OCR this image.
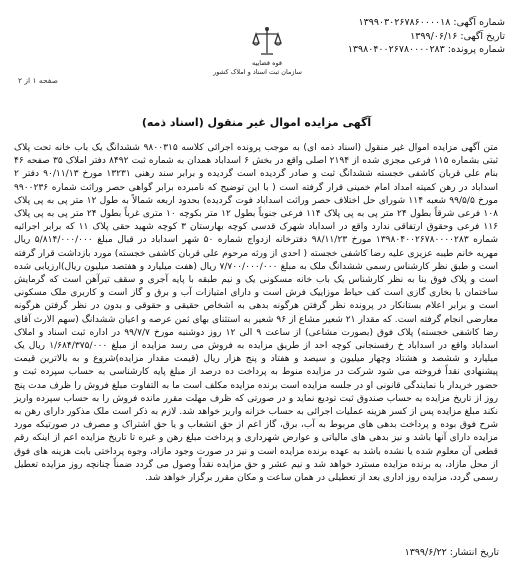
شماره آگهی: ۱۳۹۹۰۳۰۲۶۷۸۶۰۰۰۰۱۸
تاریخ آگهی: ۱۳۹۹/۰۶/۱۶
شماره پرونده: ۱۳۹۸۰۴۰۰۲۶۷۸۰۰۰۰۲۸۳
قوه قضاییه
سازمان ثبت اسناد و املاک کشور
صفحه ۱ از ۲
آگهی مزایده اموال غیر منقول (اسناد ذمه)
متن آگهی مزایده اموال غیر منقول (اسناد ذمه ای) به موجب پرونده اجرائی کلاسه ۹۸۰۰۳۱۵ ششدانگ یک باب خانه تحت پلاک ثبتی بشماره ۱۱۵ فرعی مجزی شده از ۲۱۹۴ اصلی واقع در بخش ۶ اسداباد همدان به شماره ثبت ۸۴۹۲ دفتر املاک ۳۵ صفحه ۴۶ بنام علی قربان کاشفی خجسته ششدانگ ثبت و صادر گردیده است گردیده و برابر سند رهنی ۱۳۲۳۱ مورخ ۹۰/۱۱/۱۳ دفتر ۲ اسداباد در رهن کمیته امداد امام خمینی قرار گرفته است ( با این توضیح که نامبرده برابر گواهی حصر وراثت شماره ۹۹۰۰۲۳۶ مورخ ۹۹/۵/۵ شعبه ۱۱۴ شورای حل اختلاف حصر وراثت اسداباد فوت گردیده) بحدود اربعه شمالاً به طول ۱۲ متر پی به پی پلاک ۱۰۸ فرعی شرقاً بطول ۲۴ متر پی به پی پلاک ۱۱۴ فرعی جنوباً بطول ۱۲ متر بکوچه ۱۰ متری غرباً بطول ۲۴ متر پی به پی پلاک ۱۱۶ فرعی وحقوق ارتفاقی ندارد واقع در اسداباد شهرک قدسی کوچه بهارستان ۳ کوچه شهید حقی پلاک ۱۱ که برابر اجرائیه شماره ۱۳۹۸۰۴۰۰۲۶۷۸۰۰۰۰۲۸۳ مورخ ۹۸/۱۱/۲۳ دفترخانه ازدواج شماره ۵۰ شهر اسداباد در قبال مبلغ ۵/۸۱۴/۰۰۰/۰۰۰ ریال مهریه خانم طیبه عزیزی علیه رضا کاشفی خجسته ( احدی از ورثه مرحوم علی قربان کاشفی خجسته) مورد بازداشت قرار گرفته است و طبق نظر کارشناس رسمی ششدانگ ملک به مبلغ ۷/۷۰۰/۰۰۰/۰۰۰ ریال (هفت میلیارد و هفتصد میلیون ریال)ارزیابی شده است و پلاک فوق بنا به نظر کارشناس یک باب خانه مسکونی یک و نیم طبقه با پایه آجری و سقف تیرآهن است که گرمایش ساختمان با بخاری گازی است کف حیاط موزاییک فرش است و دارای امتیازات آب و برق و گاز است و کاربری ملک مسکونی است و برابر اعلام بستانکار در پرونده نظر گرفتن هرگونه بدهی به اشخاص حقیقی و حقوقی و بدون در نظر گرفتن هرگونه معارضی انجام گرفته است. که مقدار ۲۱ شعیر مشاع از ۹۶ شعیر به استثنای بهای ثمن عرصه و اعیان ششدانگ (سهم الارث آقای رضا کاشفی خجسته) پلاک فوق (بصورت مشاعی) از ساعت ۹ الی ۱۲ روز دوشنبه مورخ ۹۹/۷/۷ در اداره ثبت اسناد و املاک اسداباد واقع در اسداباد خ رفسنجانی کوچه احد از طریق مزایده به فروش می رسد مزایده از مبلغ ۱/۶۸۴/۳۷۵/۰۰۰ ریال یک میلیارد و ششصد و هشتاد وچهار میلیون و سیصد و هفتاد و پنج هزار ریال (قیمت مقدار مزایده)شروع و به بالاترین قیمت پیشنهادی نقداً فروخته می شود شرکت در مزایده منوط به پرداخت ده درصد از مبلغ پایه کارشناسی به حساب سپرده ثبت و حضور خریدار با نمایندگی قانونی او در جلسه مزایده است برنده مزایده مکلف است ما به التفاوت مبلغ فروش را ظرف مدت پنج روز از تاریخ مزایده به حساب صندوق ثبت تودیع نماید و در صورتی که ظرف مهلت مقرر مانده فروش را به حساب سپرده واریز نکند مبلغ مزایده پس از کسر هزینه عملیات اجرائی به حساب خزانه واریز خواهد شد. لازم به ذکر است ملک مذکور دارای رهن به شرح فوق بوده و پرداخت بدهی های مربوط به آب، برق، گاز اعم از حق انشعاب و یا حق اشتراک و مصرف در صورتیکه مورد مزایده دارای آنها باشد و نیز بدهی های مالیاتی و عوارض شهرداری و پرداخت مبلغ رهن و غیره تا تاریخ مزایده اعم از اینکه رقم قطعی آن معلوم شده یا نشده باشد به عهده برنده مزایده است و نیز در صورت وجود مازاد، وجوه پرداختی بابت هزینه های فوق از محل مازاد، به برنده مزایده مسترد خواهد شد و نیم عشر و حق مزایده نقداً وصول می گردد ضمناً چنانچه روز مزایده تعطیل رسمی گردد، مزایده روز اداری بعد از تعطیلی در همان ساعت و مکان مقرر برگزار خواهد شد.
تاریخ انتشار: ۱۳۹۹/۶/۲۲
